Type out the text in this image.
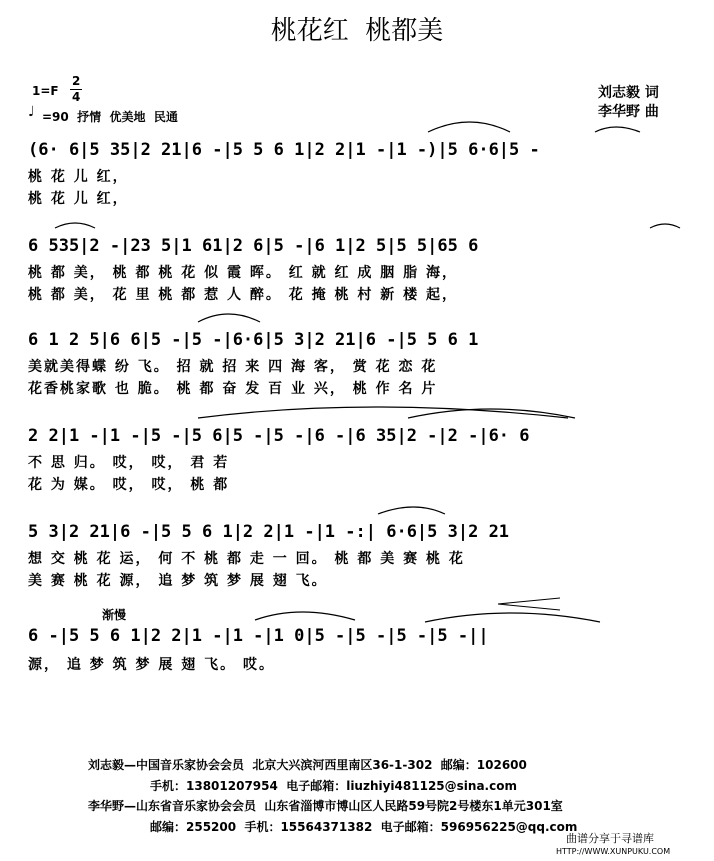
桃花红  桃都美
刘志毅 词
李华野 曲
1=F
2
4
♩ =90  抒情  优美地  民通
(6· 6|5 35|2 21|6 -|5 5 6 1|2 2|1 -|1 -)|5 6·6|5 -
桃 花 儿 红，
桃 花 儿 红，
6 535|2 -|23 5|1 61|2 6|5 -|6 1|2 5|5 5|65 6
桃 都 美， 桃 都 桃 花 似 霞 晖。 红 就 红 成 胭 脂 海，
桃 都 美， 花 里 桃 都 惹 人 醉。 花 掩 桃 村 新 楼 起，
6 1 2 5|6 6|5 -|5 -|6·6|5 3|2 21|6 -|5 5 6 1
美就美得蝶 纷 飞。 招 就 招 来 四 海 客， 赏 花 恋 花
花香桃家歌 也 脆。 桃 都 奋 发 百 业 兴， 桃 作 名 片
2 2|1 -|1 -|5 -|5 6|5 -|5 -|6 -|6 35|2 -|2 -|6· 6
不 思 归。 哎， 哎， 君 若
花 为 媒。 哎， 哎， 桃 都
5 3|2 21|6 -|5 5 6 1|2 2|1 -|1 -:| 6·6|5 3|2 21
想 交 桃 花 运， 何 不 桃 都 走 一 回。 桃 都 美 赛 桃 花
美 赛 桃 花 源， 追 梦 筑 梦 展 翅 飞。
渐慢
6 -|5 5 6 1|2 2|1 -|1 -|1 0|5 -|5 -|5 -|5 -||
源， 追 梦 筑 梦 展 翅 飞。 哎。
刘志毅—中国音乐家协会会员  北京大兴滨河西里南区36-1-302  邮编：102600
手机：13801207954  电子邮箱：liuzhiyi481125@sina.com
李华野—山东省音乐家协会会员  山东省淄博市博山区人民路59号院2号楼东1单元301室
邮编：255200  手机：15564371382  电子邮箱：596956225@qq.com
曲谱分享于寻谱库
HTTP://WWW.XUNPUKU.COM
